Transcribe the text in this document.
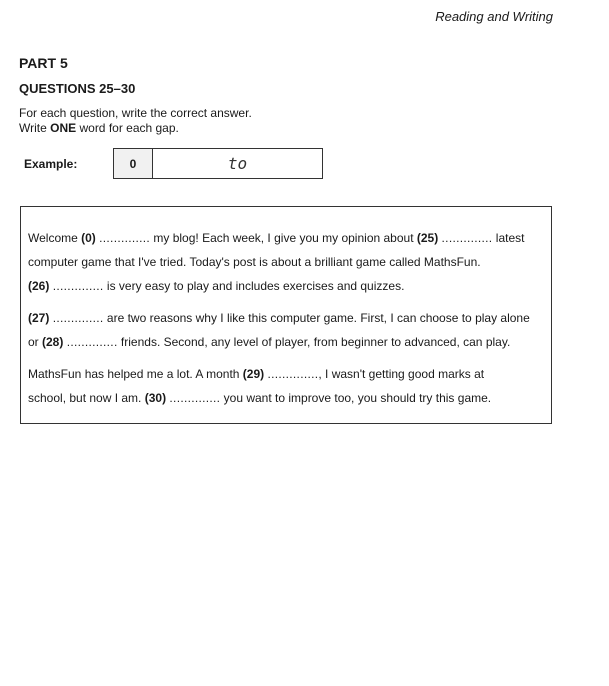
Reading and Writing
PART 5
QUESTIONS 25–30
For each question, write the correct answer.
Write ONE word for each gap.
Example:	0	to
Welcome (0) .............. my blog! Each week, I give you my opinion about (25) .............. latest
computer game that I've tried. Today's post is about a brilliant game called MathsFun.
(26) .............. is very easy to play and includes exercises and quizzes.
(27) .............. are two reasons why I like this computer game. First, I can choose to play alone
or (28) .............. friends. Second, any level of player, from beginner to advanced, can play.
MathsFun has helped me a lot. A month (29) .............., I wasn't getting good marks at
school, but now I am. (30) .............. you want to improve too, you should try this game.
